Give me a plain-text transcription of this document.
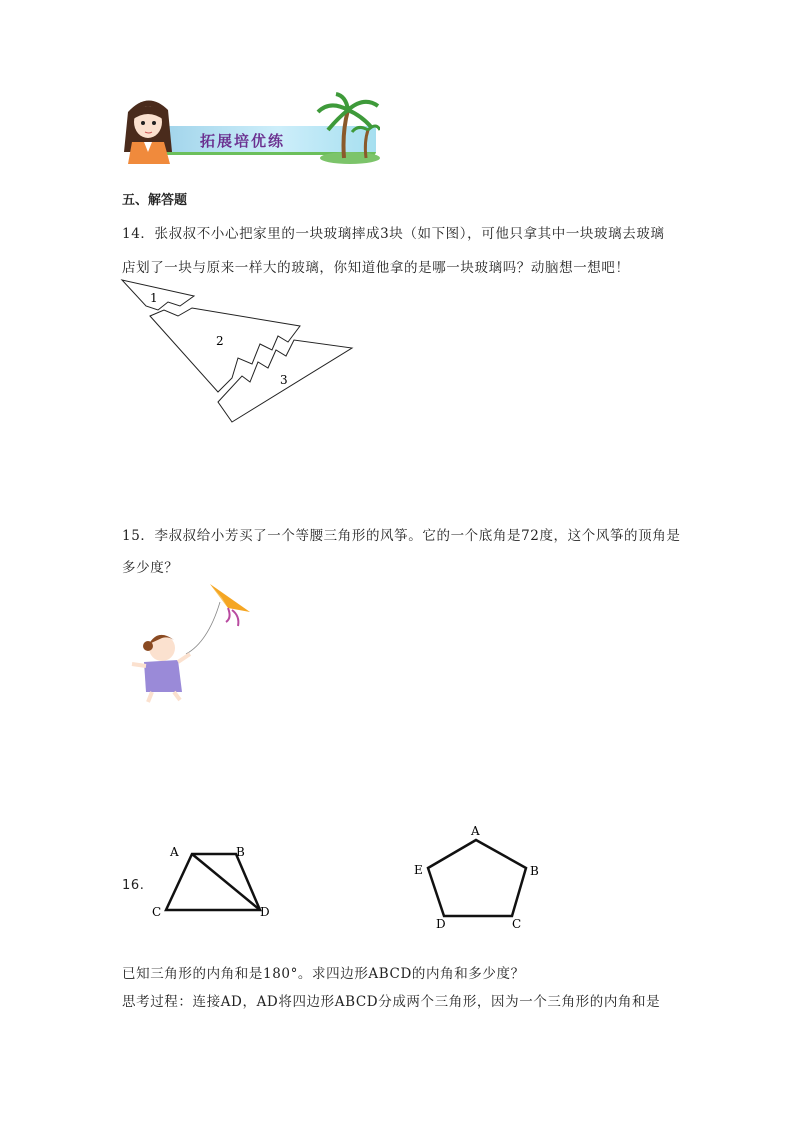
拓展培优练
五、解答题
14．张叔叔不小心把家里的一块玻璃摔成3块（如下图），可他只拿其中一块玻璃去玻璃
店划了一块与原来一样大的玻璃，你知道他拿的是哪一块玻璃吗？动脑想一想吧！
1
2
3
15．李叔叔给小芳买了一个等腰三角形的风筝。它的一个底角是72度，这个风筝的顶角是
多少度？
16.
A	B
C	D
A
B
C
D
E
已知三角形的内角和是180°。求四边形ABCD的内角和多少度？
思考过程：连接AD，AD将四边形ABCD分成两个三角形，因为一个三角形的内角和是
